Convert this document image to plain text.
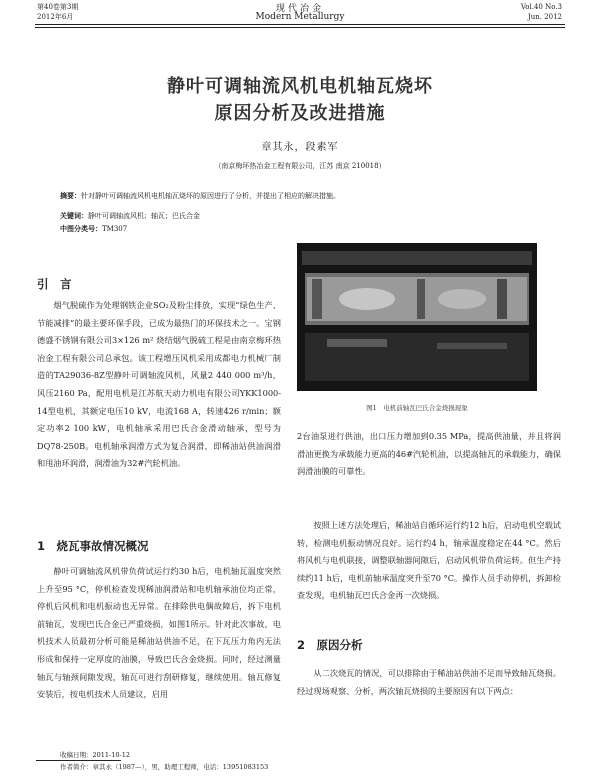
第40卷第3期
2012年6月
现代冶金
Modern Metallurgy
Vol.40 No.3
Jun. 2012
静叶可调轴流风机电机轴瓦烧坏
原因分析及改进措施
章其永，段素军
（南京梅环热冶金工程有限公司，江苏 南京 210018）
摘要：针对静叶可调轴流风机电机轴瓦烧坏的原因进行了分析，并提出了相应的解决措施。
关键词：静叶可调轴流风机；轴瓦；巴氏合金
中图分类号：TM307
引　言

烟气脱硫作为处理钢铁企业SO₂及粉尘排放，实现“绿色生产、节能减排”的最主要环保手段，已成为最热门的环保技术之一。宝钢德盛不锈钢有限公司3×126 m² 烧结烟气脱硫工程是由南京梅环热冶金工程有限公司总承包。该工程增压风机采用成都电力机械厂制造的TA29036-8Z型静叶可调轴流风机，风量2 440 000 m³/h，风压2160 Pa，配用电机是江苏航天动力机电有限公司YKK1000-14型电机，其额定电压10 kV，电流168 A，转速426 r/min；额定功率2 100 kW，电机轴承采用巴氏合金滑动轴承，型号为DQ78-250B。电机轴承润滑方式为复合润滑，即稀油站供油润滑和甩油环润滑，润滑油为32#汽轮机油。

1　烧瓦事故情况概况

静叶可调轴流风机带负荷试运行约30 h后，电机轴瓦温度突然上升至95 °C，停机检查发现稀油润滑站和电机轴承油位均正常，停机后风机和电机振动也无异常。在排除供电偶故障后，拆下电机前轴瓦，发现巴氏合金已严重烧损，如图1所示。针对此次事故，电机技术人员最初分析可能是稀油站供油不足，在下瓦压力角内无法形成和保持一定厚度的油膜，导致巴氏合金烧损。同时，经过测量轴瓦与轴颈间隙发现，轴瓦可进行刮研修复，继续使用。轴瓦修复安装后，按电机技术人员建议，启用

图1　电机前轴瓦巴氏合金烧损现象

2台油泵进行供油，出口压力增加到0.35 MPa，提高供油量，并且将润滑油更换为承载能力更高的46#汽轮机油，以提高轴瓦的承载能力，确保润滑油膜的可靠性。

按照上述方法处理后，稀油站自循环运行约12 h后，启动电机空载试转，检测电机振动情况良好。运行约4 h，轴承温度稳定在44 °C。然后将风机与电机联接，调整联轴器间隙后，启动风机带负荷运转。但生产持续约11 h后，电机前轴承温度突升至70 °C。操作人员手动停机，拆卸检查发现，电机轴瓦巴氏合金再一次烧损。

2　原因分析

从二次烧瓦的情况，可以排除由于稀油站供油不足而导致轴瓦烧损。经过现场观察、分析，两次轴瓦烧损的主要原因有以下两点：

收稿日期：2011-10-12
作者简介：章其永（1987—），男，助理工程师，电话：13951083153
